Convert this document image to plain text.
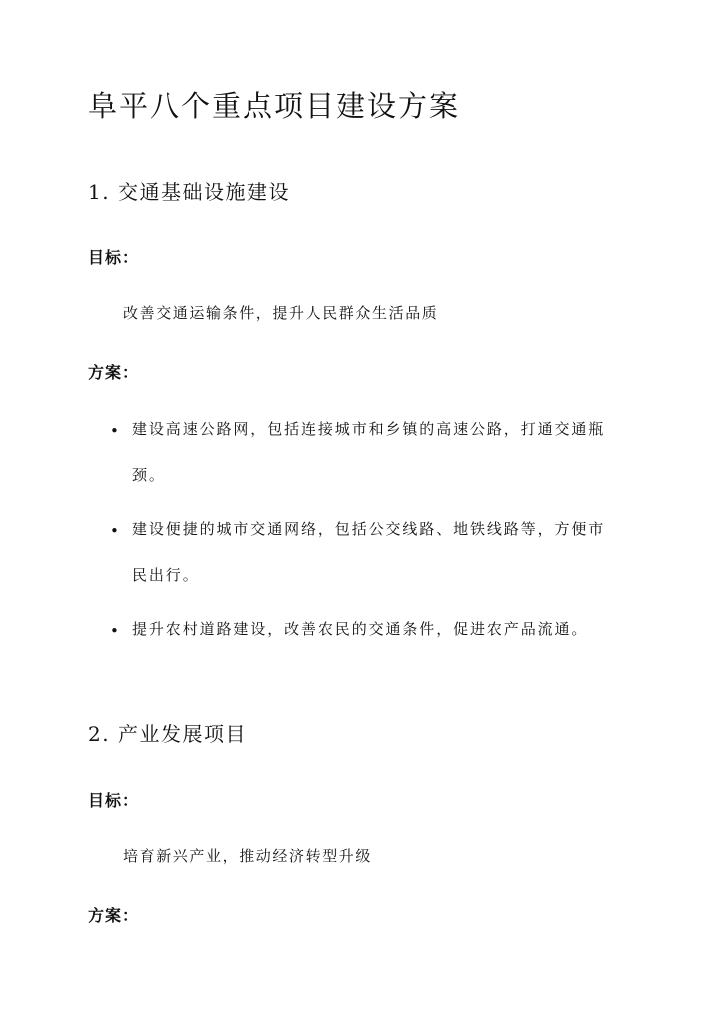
阜平八个重点项目建设方案
1. 交通基础设施建设
目标：
改善交通运输条件，提升人民群众生活品质
方案：
• 建设高速公路网，包括连接城市和乡镇的高速公路，打通交通瓶颈。
• 建设便捷的城市交通网络，包括公交线路、地铁线路等，方便市民出行。
• 提升农村道路建设，改善农民的交通条件，促进农产品流通。
2. 产业发展项目
目标：
培育新兴产业，推动经济转型升级
方案：
